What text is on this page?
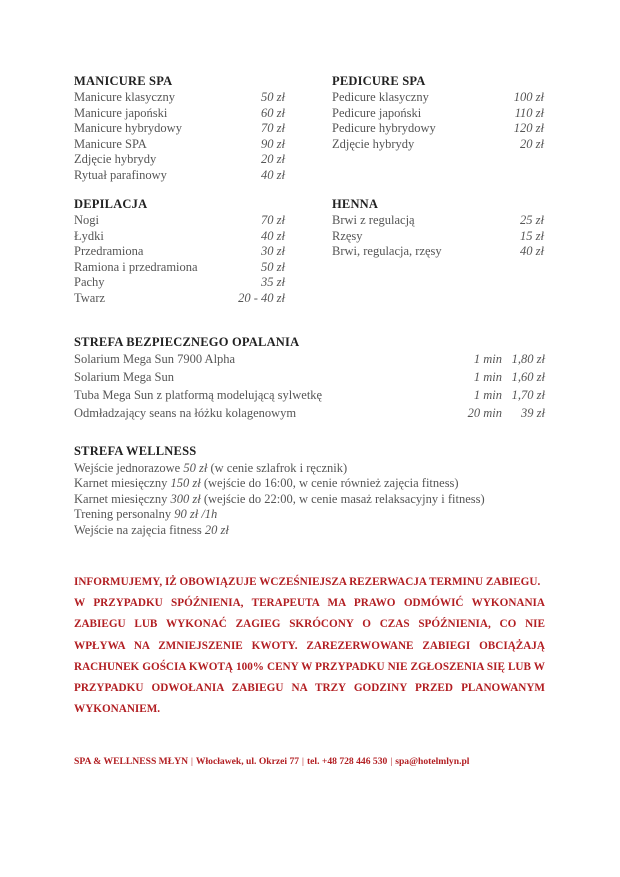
MANICURE SPA
Manicure klasyczny	50 zł
Manicure japoński	60 zł
Manicure hybrydowy	70 zł
Manicure SPA	90 zł
Zdjęcie hybrydy	20 zł
Rytuał parafinowy	40 zł
PEDICURE SPA
Pedicure klasyczny	100 zł
Pedicure japoński	110 zł
Pedicure hybrydowy	120 zł
Zdjęcie hybrydy	20 zł
DEPILACJA
Nogi	70 zł
Łydki	40 zł
Przedramiona	30 zł
Ramiona i przedramiona	50 zł
Pachy	35 zł
Twarz	20 - 40 zł
HENNA
Brwi z regulacją	25 zł
Rzęsy	15 zł
Brwi, regulacja, rzęsy	40 zł
STREFA BEZPIECZNEGO OPALANIA
Solarium Mega Sun 7900 Alpha	1 min 1,80 zł
Solarium Mega Sun	1 min 1,60 zł
Tuba Mega Sun z platformą modelującą sylwetkę	1 min 1,70 zł
Odmładzający seans na łóżku kolagenowym	20 min 39 zł
STREFA WELLNESS
Wejście jednorazowe 50 zł (w cenie szlafrok i ręcznik)
Karnet miesięczny 150 zł (wejście do 16:00, w cenie również zajęcia fitness)
Karnet miesięczny 300 zł (wejście do 22:00, w cenie masaż relaksacyjny i fitness)
Trening personalny 90 zł /1h
Wejście na zajęcia fitness 20 zł

INFORMUJEMY, IŻ OBOWIĄZUJE WCZEŚNIEJSZA REZERWACJA TERMINU ZABIEGU.

W PRZYPADKU SPÓŹNIENIA, TERAPEUTA MA PRAWO ODMÓWIĆ WYKONANIA ZABIEGU LUB WYKONAĆ ZAGIEG SKRÓCONY O CZAS SPÓŹNIENIA, CO NIE WPŁYWA NA ZMNIEJSZENIE KWOTY. ZAREZERWOWANE ZABIEGI OBCIĄŻAJĄ RACHUNEK GOŚCIA KWOTĄ 100% CENY W PRZYPADKU NIE ZGŁOSZENIA SIĘ LUB W PRZYPADKU ODWOŁANIA ZABIEGU NA TRZY GODZINY PRZED PLANOWANYM WYKONANIEM.

SPA & WELLNESS MŁYN | Włocławek, ul. Okrzei 77 | tel. +48 728 446 530 | spa@hotelmlyn.pl
